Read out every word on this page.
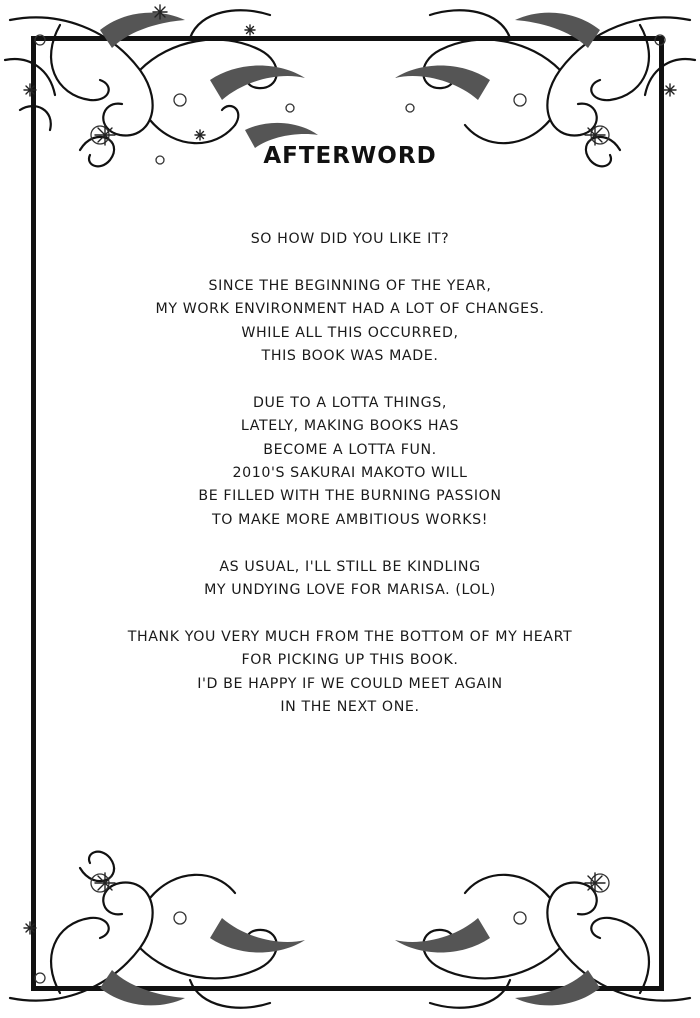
AFTERWORD

SO HOW DID YOU LIKE IT?

SINCE THE BEGINNING OF THE YEAR,
MY WORK ENVIRONMENT HAD A LOT OF CHANGES.
WHILE ALL THIS OCCURRED,
THIS BOOK WAS MADE.

DUE TO A LOTTA THINGS,
LATELY, MAKING BOOKS HAS
BECOME A LOTTA FUN.
2010'S SAKURAI MAKOTO WILL
BE FILLED WITH THE BURNING PASSION
TO MAKE MORE AMBITIOUS WORKS!

AS USUAL, I'LL STILL BE KINDLING
MY UNDYING LOVE FOR MARISA. (LOL)

THANK YOU VERY MUCH FROM THE BOTTOM OF MY HEART
FOR PICKING UP THIS BOOK.
I'D BE HAPPY IF WE COULD MEET AGAIN
IN THE NEXT ONE.
